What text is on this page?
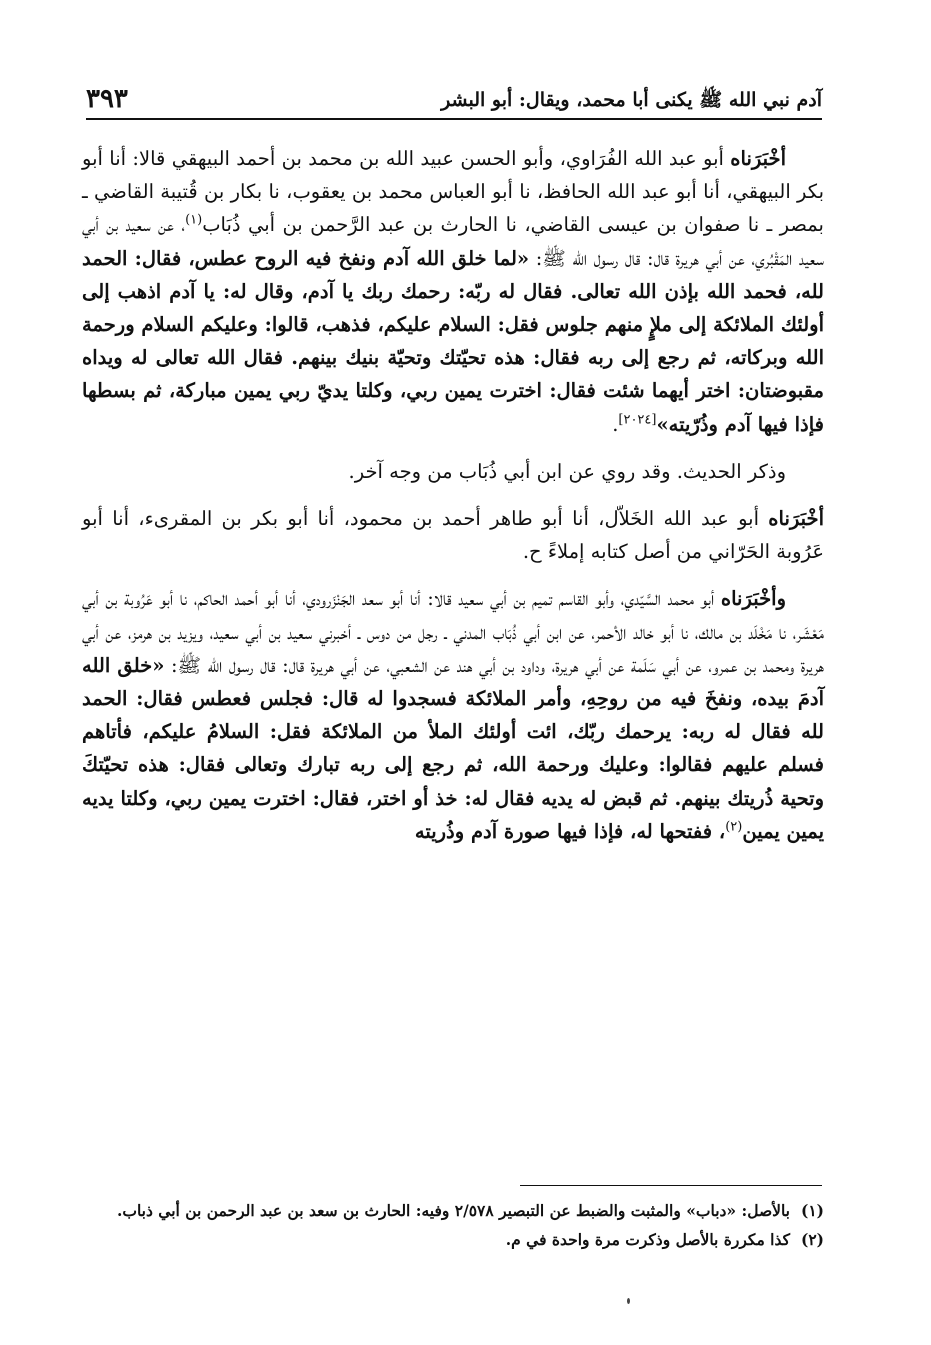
آدم نبي الله ﷺ يكنى أبا محمد، ويقال: أبو البشر
٣٩٣

أخْبَرَناه أبو عبد الله الفُرَاوي، وأبو الحسن عبيد الله بن محمد بن أحمد البيهقي قالا: أنا أبو بكر البيهقي، أنا أبو عبد الله الحافظ، نا أبو العباس محمد بن يعقوب، نا بكار بن قُتيبة القاضي ـ بمصر ـ نا صفوان بن عيسى القاضي، نا الحارث بن عبد الرَّحمن بن أبي ذُبَاب$^{(١)}$، عن سعيد بن أبي سعيد المَقْبُري، عن أبي هريرة قال: قال رسول الله ﷺ: «لما خلق الله آدم ونفخ فيه الروح عطس، فقال: الحمد لله، فحمد الله بإذن الله تعالى. فقال له ربّه: رحمك ربك يا آدم، وقال له: يا آدم اذهب إلى أولئك الملائكة إلى ملإٍ منهم جلوس فقل: السلام عليكم، فذهب، قالوا: وعليكم السلام ورحمة الله وبركاته، ثم رجع إلى ربه فقال: هذه تحيّتك وتحيّة بنيك بينهم. فقال الله تعالى له ويداه مقبوضتان: اختر أيهما شئت فقال: اخترت يمين ربي، وكلتا يديّ ربي يمين مباركة، ثم بسطها فإذا فيها آدم وذُرّيته»[٢٠٢٤].

وذكر الحديث. وقد روي عن ابن أبي ذُبَاب من وجه آخر.

أخْبَرَناه أبو عبد الله الخَلاّل، أنا أبو طاهر أحمد بن محمود، أنا أبو بكر بن المقرىء، أنا أبو عَرُوبة الحَرّاني من أصل كتابه إملاءً ح.

وأخْبَرَناه أبو محمد السَّيّدي، وأبو القاسم تميم بن أبي سعيد قالا: أنا أبو سعد الجَنْزَرودي، أنا أبو أحمد الحاكم، نا أبو عَرُوبة بن أبي مَعْشَر، نا مَخْلَد بن مالك، نا أبو خالد الأحمر، عن ابن أبي ذُبَاب المدني ـ رجل من دوس ـ أخبرني سعيد بن أبي سعيد، ويزيد بن هرمز، عن أبي هريرة ومحمد بن عمرو، عن أبي سَلَمة عن أبي هريرة، وداود بن أبي هند عن الشعبي، عن أبي هريرة قال: قال رسول الله ﷺ: «خلق الله آدمَ بيده، ونفخَ فيه من روحِهِ، وأمر الملائكة فسجدوا له قال: فجلس فعطس فقال: الحمد لله فقال له ربه: يرحمك ربّك، ائت أولئك الملأ من الملائكة فقل: السلامُ عليكم، فأتاهم فسلم عليهم فقالوا: وعليك ورحمة الله، ثم رجع إلى ربه تبارك وتعالى فقال: هذه تحيّتكَ وتحية ذُريتك بينهم. ثم قبض له يديه فقال له: خذ أو اختر، فقال: اخترت يمين ربي، وكلتا يديه يمين يمين$^{(٢)}$، ففتحها له، فإذا فيها صورة آدم وذُريته

(١)بالأصل: «دباب» والمثبت والضبط عن التبصير ٢/٥٧٨ وفيه: الحارث بن سعد بن عبد الرحمن بن أبي ذباب.

(٢)كذا مكررة بالأصل وذكرت مرة واحدة في م.
